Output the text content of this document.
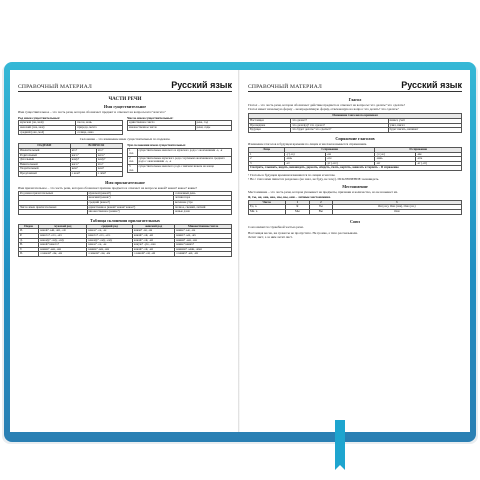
СПРАВОЧНЫЙ МАТЕРИАЛ	Русский язык
ЧАСТИ РЕЧИ
Имя существительное
Имя существительное – это часть речи, которая обозначает предмет и отвечает на вопросы кто? или что?
Род имен существительных:
мужской (он, мой)	песок, конь
женский (она, моя)	природа, мечта
средний (оно, моё)	солнце, окно
Число имен существительных:
единственное число	река, сад
множественное число	реки, сады
Склонение – это изменение имен существительных по падежам.
ПАДЕЖИ	ВОПРОСЫ	
Именительный	кто?	что?
Родительный	кого?	чего?
Дательный	кому?	чему?
Винительный	кого?	что?
Творительный	кем?	чем?
Предложный	о ком?	о чём?
Три склонения имен существительных
1 скл.	существительные женского и мужского рода с окончаниями -а, -я
2 скл.	существительные мужского рода с нулевым окончанием и среднего рода с окончаниями -о, -е
3 скл.	существительные женского рода с мягким знаком на конце
Имя прилагательное
Имя прилагательное – это часть речи, которая обозначает признак предмета и отвечает на вопросы какой? какая? какое? какие?
Род имен прилагательных	мужской (какой?)	солнечный день
	женский (какая?)	летняя пора
	средний (какое?)	весеннее утро
Число имен прилагательных	единственное (какой? какая? какое?)	полное, свежий, летний
	множественное (какие?)	новые дома
Таблица склонения прилагательных
Падеж	мужской род	средний род	женский род	Множественное число
И.	какой? -ый, -ий, -ой	какое? -ое, -ее	какая? -ая, -яя	какие? -ые, -ие
Р.	какого? -ого, -его	какого? -ого, -его	какой? -ой, -ей	каких? -ых, -их
Д.	какому? -ому, -ему	какому? -ому, -ему	какой? -ой, -ей	каким? -ым, -им
В.	какой? какого?	какое? -ое, -ее	какую? -ую, -юю	какие? каких?
Т.	каким? -ым, -им	каким? -ым, -им	какой? -ой, -ей	какими? -ыми, -ими
П.	о каком? -ом, -ем	о каком? -ом, -ем	о какой? -ой, -ей	о каких? -ых, -их
СПРАВОЧНЫЙ МАТЕРИАЛ	Русский язык
Глагол
Глагол – это часть речи, которая обозначает действие предмета и отвечает на вопросы: что делать? что сделать?
Глагол имеет начальную форму – неопределённую форму, отвечающую на вопрос что делать? что сделать?
Изменение глаголов по временам		
Настоящее	что делает?	пишет, учит
Прошедшее	что делал(а)? что сделал?	учил, писал
Будущее	что будет делать? что сделает?	будет писать, напишет
Спряжение глаголов
Изменение глаголов в будущем времени по лицам и числам называется спряжением.
Лицо	I спряжение		II спряжение	
1	-у (-ю)	-ем	-у (-ю)	-им
2	-ешь	-ете	-ишь	-ите
3	-ет	-ут (-ют)	-ит	-ат (-ят)
Смотреть, слышать, видеть, ненавидеть, держать, обидеть, гнать, вертеть, зависеть и терпеть – II спряжение.				
• Глаголы в будущем времени изменяются по лицам и числам.
• Не с глаголами пишется раздельно (не знал, не буду, не хочу). ИСКЛЮЧЕНИЕ: ненавидеть.
Местоимение
Местоимение – это часть речи, которая указывает на предметы, признаки и количество, но не называет их.
Я, ты, он, она, оно, мы, вы, они – личные местоимения.
Число	1	2	3
Ед. ч.	Я	Ты	Он (он.), Она (она), Оно (он.)
Мн. ч.	Мы	Вы	Они
Союз
Союз является служебной частью речи.
Настоящая весна, же грамоты не пропустите. Не громко, а тихо рассказывали.
Летит лист, а за ним летит лист.
